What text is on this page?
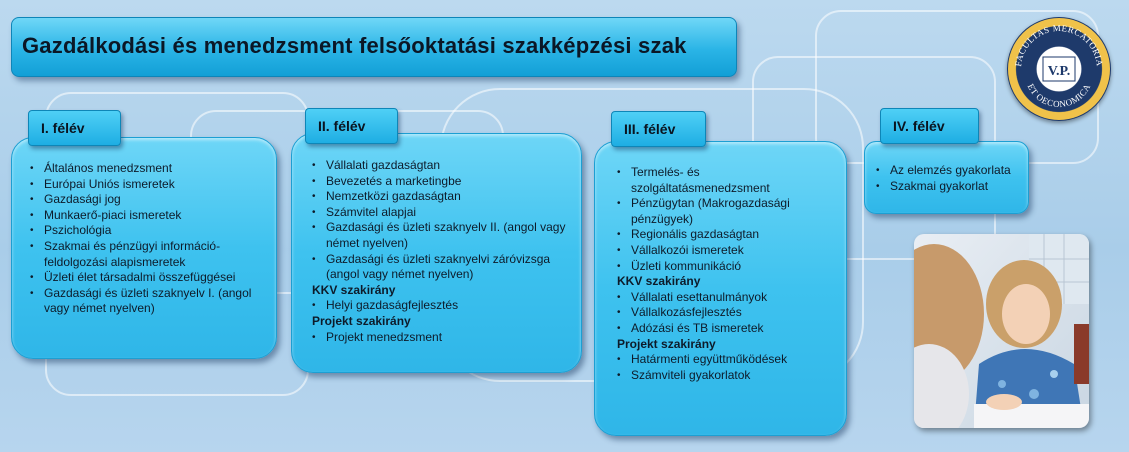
Gazdálkodási és menedzsment felsőoktatási szakképzési szak
FACULTAS MERCATORIA
ET OECONOMICA
V.P.
I. félév
• Általános menedzsment
• Európai Uniós ismeretek
• Gazdasági jog
• Munkaerő-piaci ismeretek
• Pszichológia
• Szakmai és pénzügyi információ-feldolgozási alapismeretek
• Üzleti élet társadalmi összefüggései
• Gazdasági és üzleti szaknyelv I. (angol vagy német nyelven)
II. félév
• Vállalati gazdaságtan
• Bevezetés a marketingbe
• Nemzetközi gazdaságtan
• Számvitel alapjai
• Gazdasági és üzleti szaknyelv II. (angol vagy német nyelven)
• Gazdasági és üzleti szaknyelvi záróvizsga (angol vagy német nyelven)
KKV szakirány
• Helyi gazdaságfejlesztés
Projekt szakirány
• Projekt menedzsment
III. félév
• Termelés- és szolgáltatásmenedzsment
• Pénzügytan (Makrogazdasági pénzügyek)
• Regionális gazdaságtan
• Vállalkozói ismeretek
• Üzleti kommunikáció
KKV szakirány
• Vállalati esettanulmányok
• Vállalkozásfejlesztés
• Adózási és TB ismeretek
Projekt szakirány
• Határmenti együttműködések
• Számviteli gyakorlatok
IV. félév
• Az elemzés gyakorlata
• Szakmai gyakorlat
